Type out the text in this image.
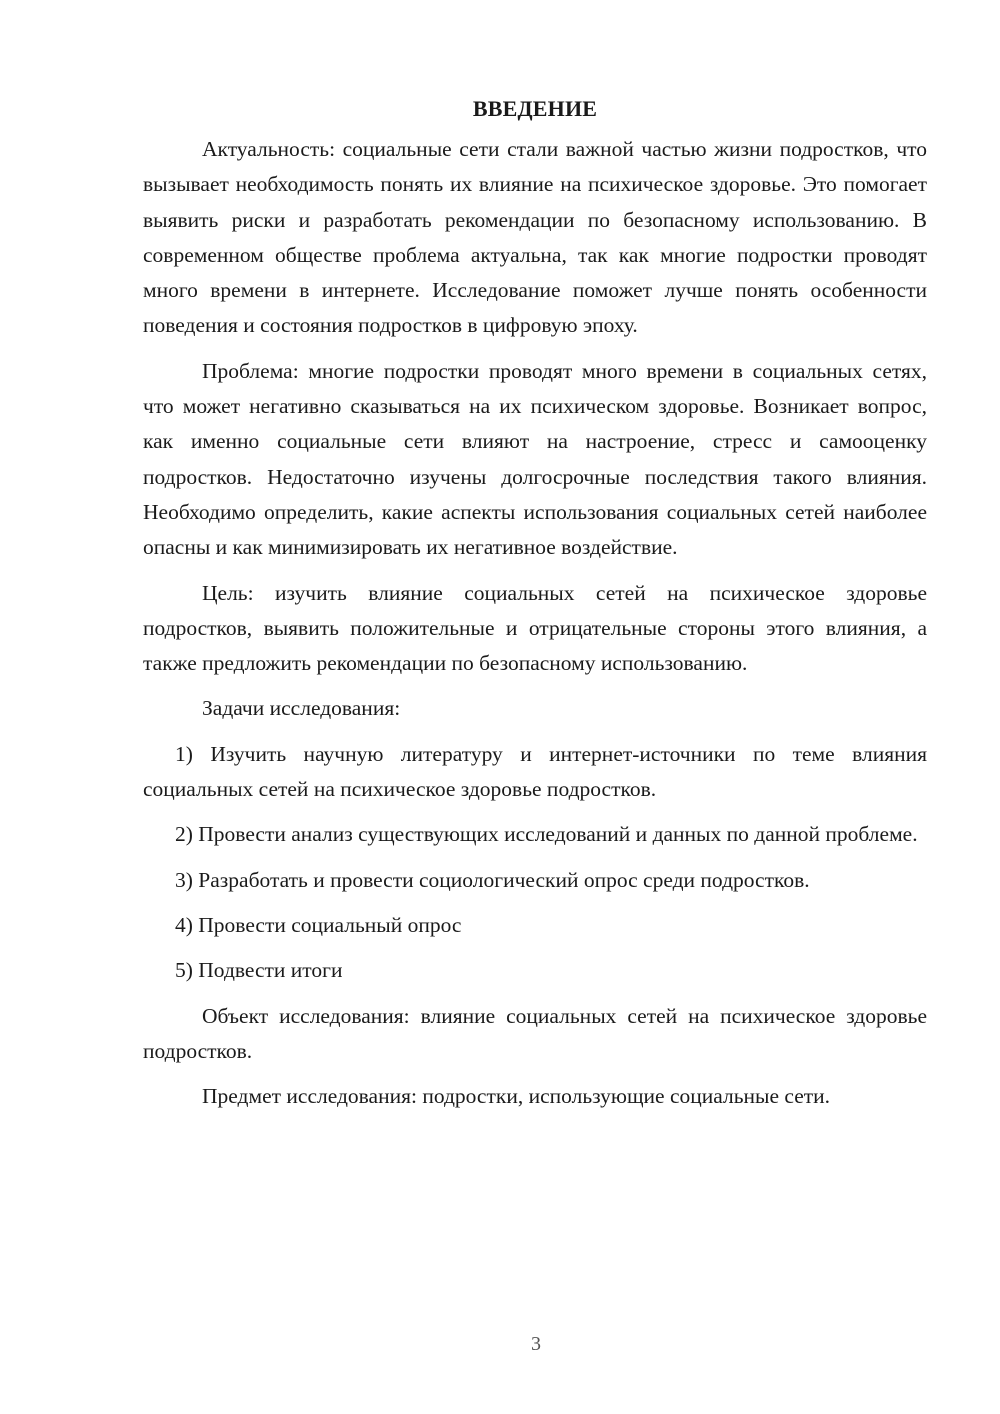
ВВЕДЕНИЕ

Актуальность: социальные сети стали важной частью жизни подростков, что вызывает необходимость понять их влияние на психическое здоровье. Это помогает выявить риски и разработать рекомендации по безопасному использованию. В современном обществе проблема актуальна, так как многие подростки проводят много времени в интернете. Исследование поможет лучше понять особенности поведения и состояния подростков в цифровую эпоху.

Проблема: многие подростки проводят много времени в социальных сетях, что может негативно сказываться на их психическом здоровье. Возникает вопрос, как именно социальные сети влияют на настроение, стресс и самооценку подростков. Недостаточно изучены долгосрочные последствия такого влияния. Необходимо определить, какие аспекты использования социальных сетей наиболее опасны и как минимизировать их негативное воздействие.

Цель: изучить влияние социальных сетей на психическое здоровье подростков, выявить положительные и отрицательные стороны этого влияния, а также предложить рекомендации по безопасному использованию.

Задачи исследования:

1) Изучить научную литературу и интернет-источники по теме влияния социальных сетей на психическое здоровье подростков.

2) Провести анализ существующих исследований и данных по данной проблеме.

3) Разработать и провести социологический опрос среди подростков.

4) Провести социальный опрос

5) Подвести итоги

Объект исследования: влияние социальных сетей на психическое здоровье подростков.

Предмет исследования: подростки, использующие социальные сети.

3
